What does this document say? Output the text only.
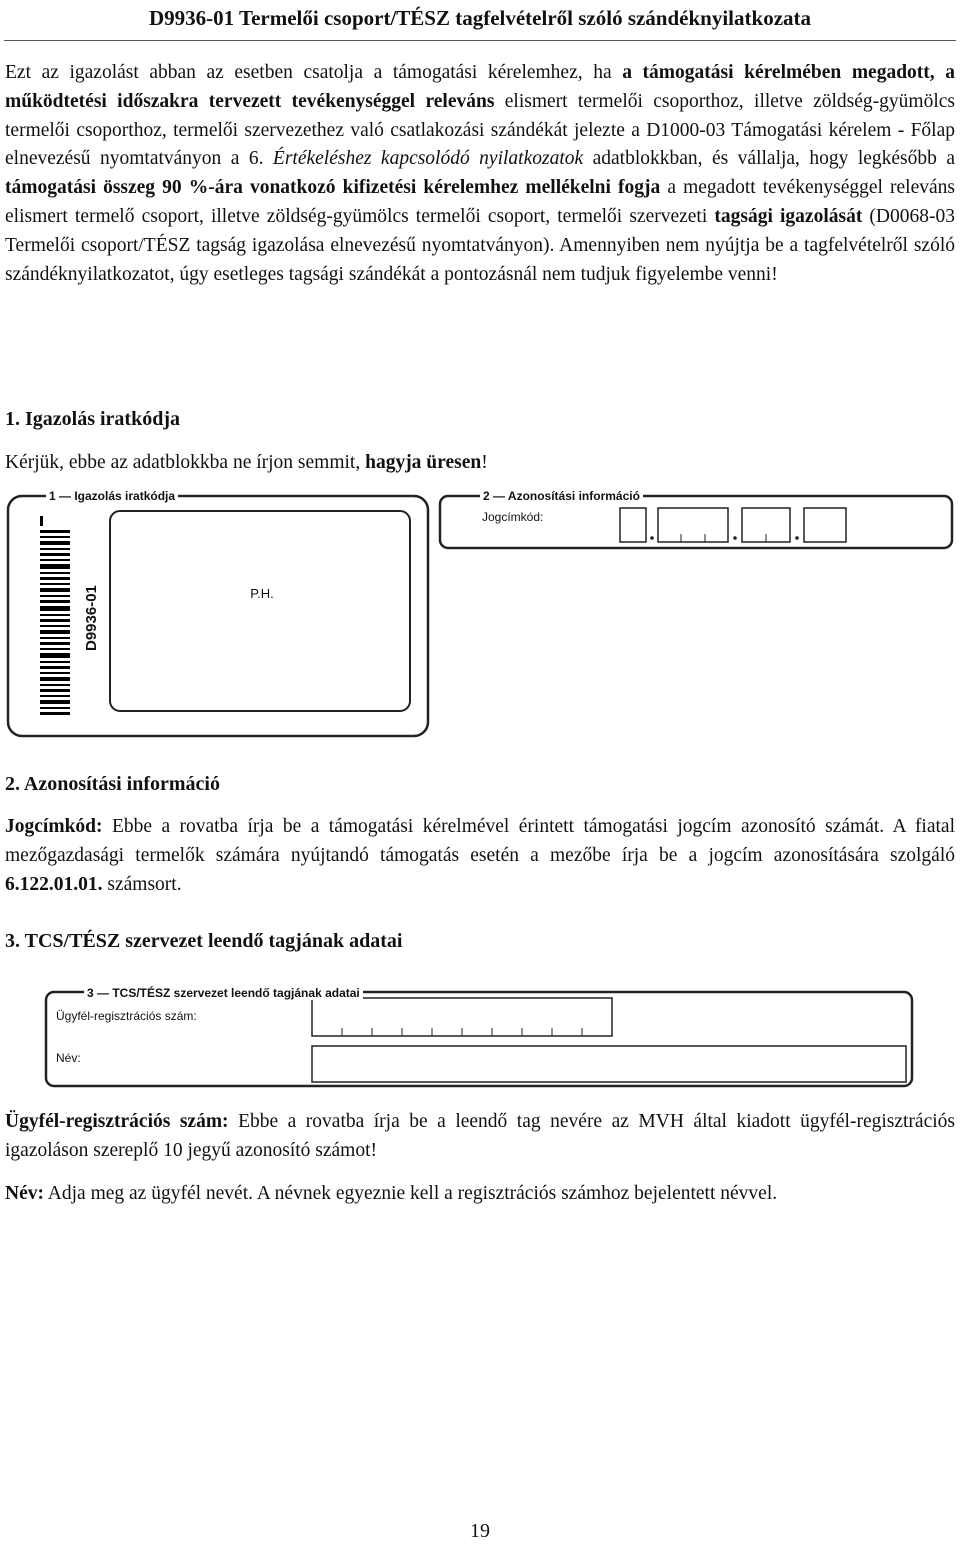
D9936-01 Termelői csoport/TÉSZ tagfelvételről szóló szándéknyilatkozata
Ezt az igazolást abban az esetben csatolja a támogatási kérelemhez, ha a támogatási kérelmében megadott, a működtetési időszakra tervezett tevékenységgel releváns elismert termelői csoporthoz, illetve zöldség-gyümölcs termelői csoporthoz, termelői szervezethez való csatlakozási szándékát jelezte a D1000-03 Támogatási kérelem - Főlap elnevezésű nyomtatványon a 6. Értékeléshez kapcsolódó nyilatkozatok adatblokkban, és vállalja, hogy legkésőbb a támogatási összeg 90 %-ára vonatkozó kifizetési kérelemhez mellékelni fogja a megadott tevékenységgel releváns elismert termelő csoport, illetve zöldség-gyümölcs termelői csoport, termelői szervezeti tagsági igazolását (D0068-03 Termelői csoport/TÉSZ tagság igazolása elnevezésű nyomtatványon). Amennyiben nem nyújtja be a tagfelvételről szóló szándéknyilatkozatot, úgy esetleges tagsági szándékát a pontozásnál nem tudjuk figyelembe venni!
1. Igazolás iratkódja
Kérjük, ebbe az adatblokkba ne írjon semmit, hagyja üresen!
D9936-01	P.H.
Jogcímkód:
1 — Igazolás iratkódja	2 — Azonosítási információ
2. Azonosítási információ
Jogcímkód: Ebbe a rovatba írja be a támogatási kérelmével érintett támogatási jogcím azonosító számát. A fiatal mezőgazdasági termelők számára nyújtandó támogatás esetén a mezőbe írja be a jogcím azonosítására szolgáló 6.122.01.01. számsort.
3. TCS/TÉSZ szervezet leendő tagjának adatai
Ügyfél-regisztrációs szám:
Név:
3 — TCS/TÉSZ szervezet leendő tagjának adatai
Ügyfél-regisztrációs szám: Ebbe a rovatba írja be a leendő tag nevére az MVH által kiadott ügyfél-regisztrációs igazoláson szereplő 10 jegyű azonosító számot!
Név: Adja meg az ügyfél nevét. A névnek egyeznie kell a regisztrációs számhoz bejelentett névvel.
19
